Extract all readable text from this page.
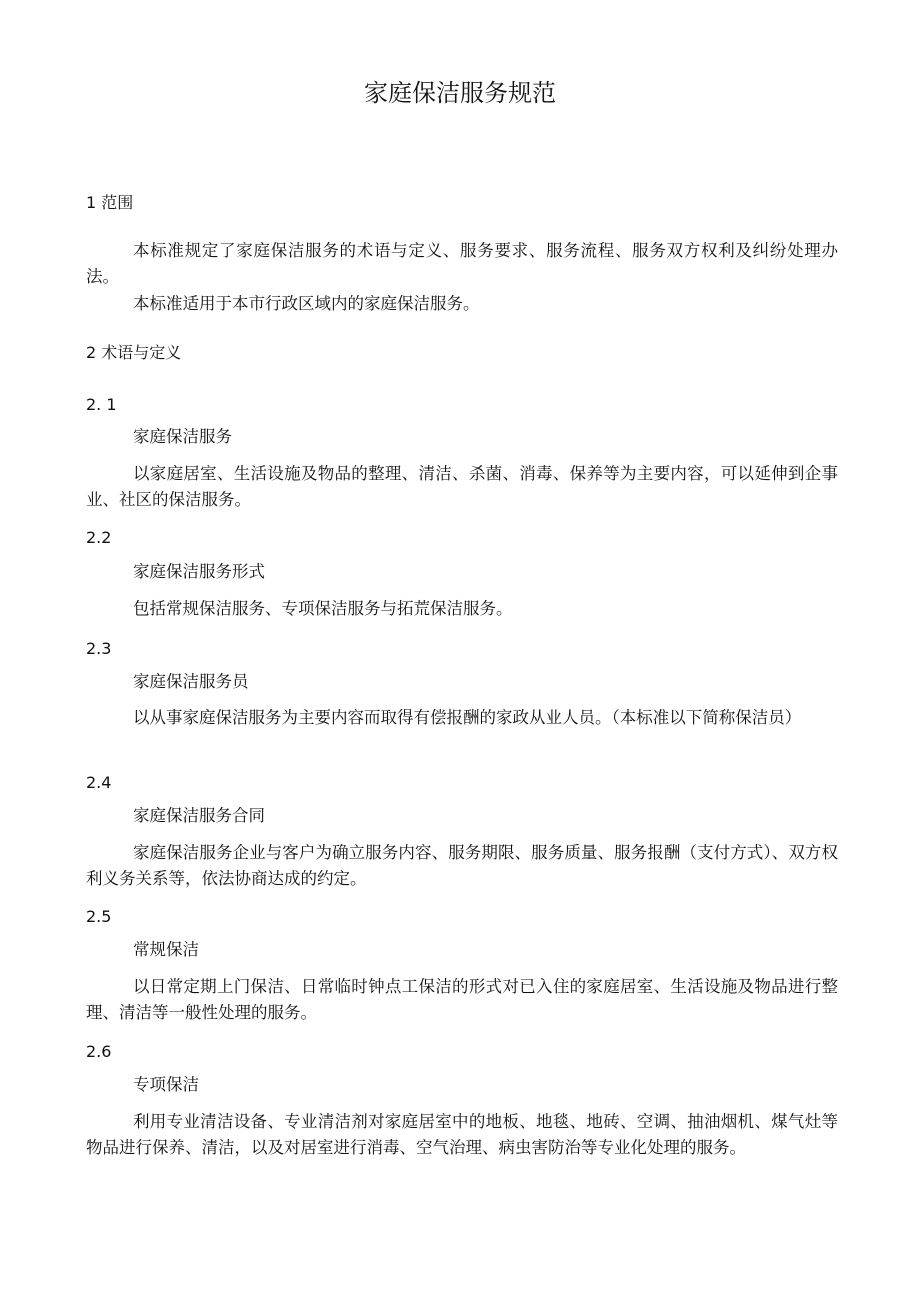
家庭保洁服务规范
1 范围

本标准规定了家庭保洁服务的术语与定义、服务要求、服务流程、服务双方权利及纠纷处理办法。

本标准适用于本市行政区域内的家庭保洁服务。

2 术语与定义
2. 1
家庭保洁服务

以家庭居室、生活设施及物品的整理、清洁、杀菌、消毒、保养等为主要内容，可以延伸到企事业、社区的保洁服务。

2.2
家庭保洁服务形式

包括常规保洁服务、专项保洁服务与拓荒保洁服务。

2.3
家庭保洁服务员

以从事家庭保洁服务为主要内容而取得有偿报酬的家政从业人员。（本标准以下简称保洁员）

2.4
家庭保洁服务合同

家庭保洁服务企业与客户为确立服务内容、服务期限、服务质量、服务报酬（支付方式）、双方权利义务关系等，依法协商达成的约定。

2.5
常规保洁

以日常定期上门保洁、日常临时钟点工保洁的形式对已入住的家庭居室、生活设施及物品进行整理、清洁等一般性处理的服务。

2.6
专项保洁

利用专业清洁设备、专业清洁剂对家庭居室中的地板、地毯、地砖、空调、抽油烟机、煤气灶等物品进行保养、清洁，以及对居室进行消毒、空气治理、病虫害防治等专业化处理的服务。
